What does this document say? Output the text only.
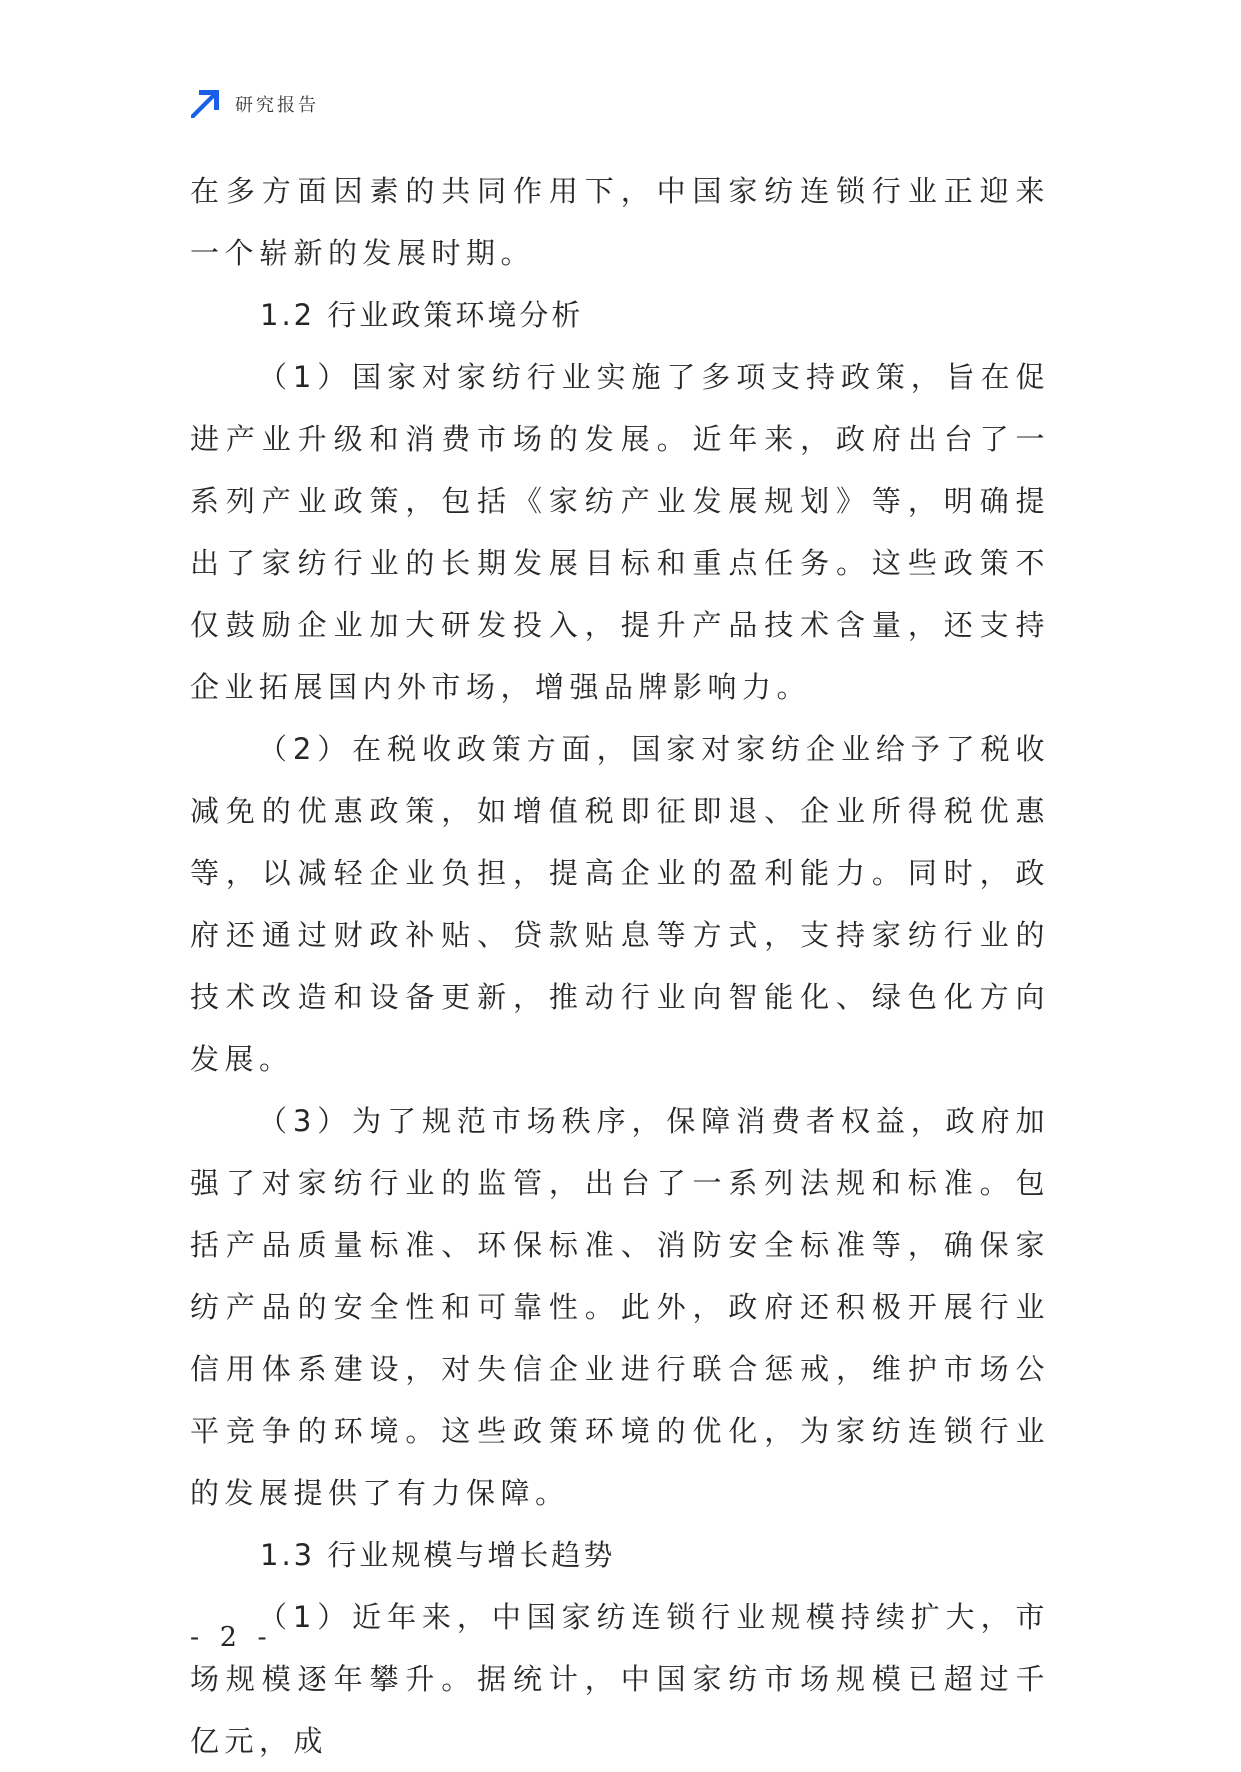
研究报告

在多方面因素的共同作用下，中国家纺连锁行业正迎来一个崭新的发展时期。

1.2 行业政策环境分析

（1）国家对家纺行业实施了多项支持政策，旨在促进产业升级和消费市场的发展。近年来，政府出台了一系列产业政策，包括《家纺产业发展规划》等，明确提出了家纺行业的长期发展目标和重点任务。这些政策不仅鼓励企业加大研发投入，提升产品技术含量，还支持企业拓展国内外市场，增强品牌影响力。

（2）在税收政策方面，国家对家纺企业给予了税收减免的优惠政策，如增值税即征即退、企业所得税优惠等，以减轻企业负担，提高企业的盈利能力。同时，政府还通过财政补贴、贷款贴息等方式，支持家纺行业的技术改造和设备更新，推动行业向智能化、绿色化方向发展。

（3）为了规范市场秩序，保障消费者权益，政府加强了对家纺行业的监管，出台了一系列法规和标准。包括产品质量标准、环保标准、消防安全标准等，确保家纺产品的安全性和可靠性。此外，政府还积极开展行业信用体系建设，对失信企业进行联合惩戒，维护市场公平竞争的环境。这些政策环境的优化，为家纺连锁行业的发展提供了有力保障。

1.3 行业规模与增长趋势

（1）近年来，中国家纺连锁行业规模持续扩大，市场规模逐年攀升。据统计，中国家纺市场规模已超过千亿元，成

- 2 -
